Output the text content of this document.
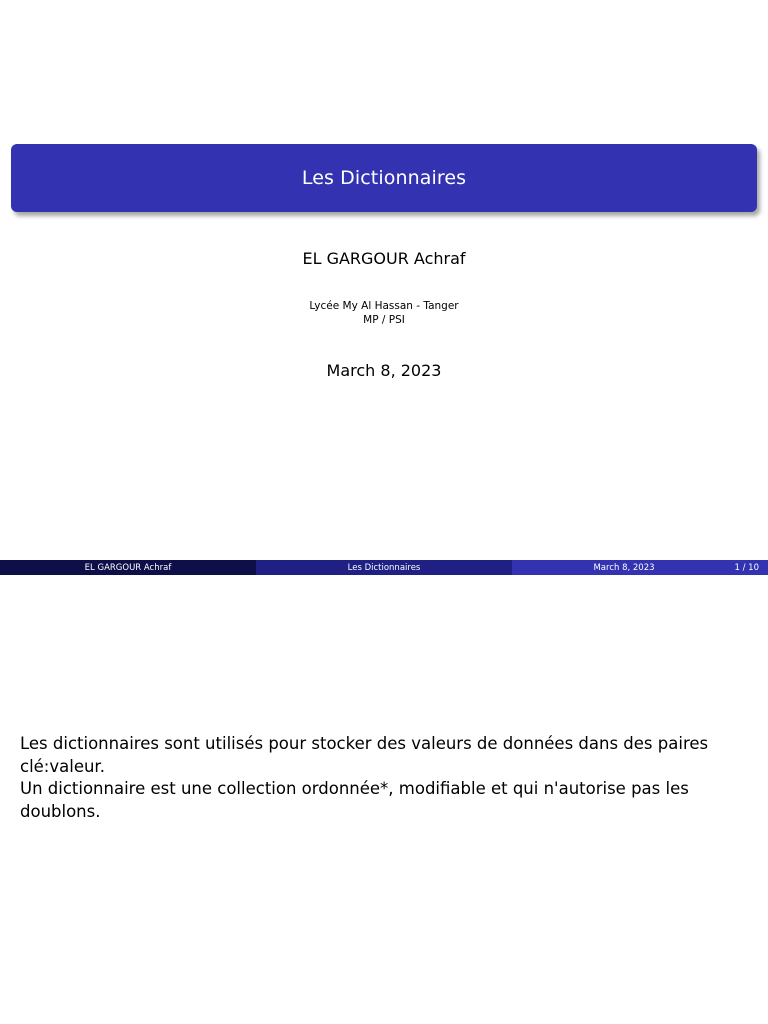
Les Dictionnaires
EL GARGOUR Achraf
Lycée My Al Hassan - Tanger
MP / PSI
March 8, 2023
EL GARGOUR Achraf	Les Dictionnaires	March 8, 2023	1 / 10

Les dictionnaires sont utilisés pour stocker des valeurs de données dans des paires clé:valeur.

Un dictionnaire est une collection ordonnée*, modifiable et qui n'autorise pas les doublons.
